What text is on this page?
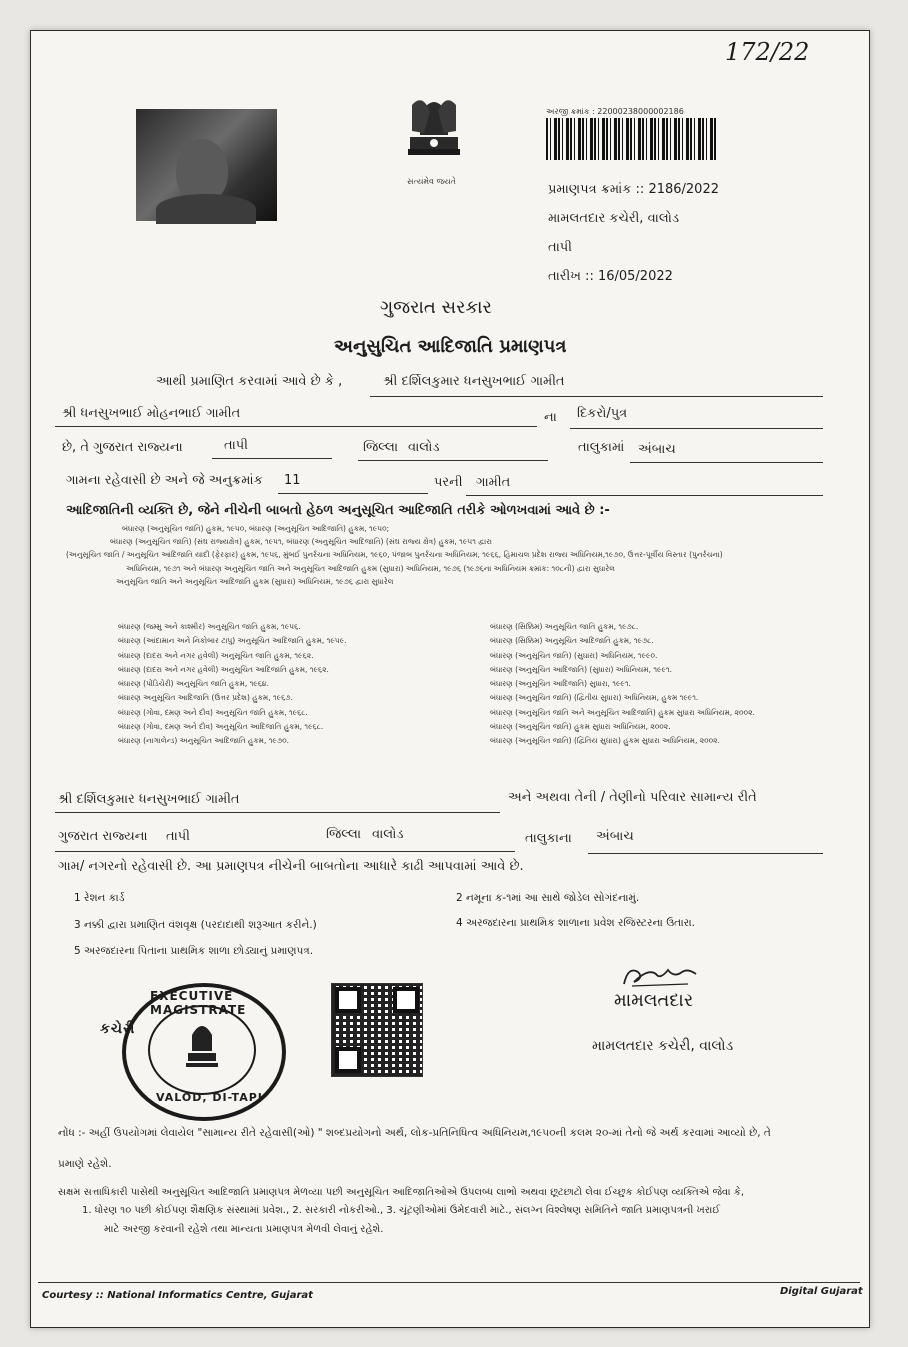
172/22
સત્યમેવ જયતે
અરજી ક્રમાંક : 22000238000002186
પ્રમાણપત્ર ક્રમાંક :: 2186/2022
મામલતદાર કચેરી, વાલોડ
તાપી
તારીખ :: 16/05/2022
ગુજરાત સરકાર
અનુસુચિત આદિજાતિ પ્રમાણપત્ર
આથી પ્રમાણિત કરવામાં આવે છે કે ,	શ્રી દર્શિલકુમાર ધનસુખભાઈ ગામીત
શ્રી ધનસુખભાઈ મોહનભાઈ ગામીત	ના દિકરો/પુત્ર
છે, તે ગુજરાત રાજ્યના	તાપી	જિલ્લા વાલોડ	તાલુકામાં અંબાચ
ગામના રહેવાસી છે અને જે અનુક્રમાંક 11	પરની ગામીત
આદિજાતિની વ્યક્તિ છે, જેને નીચેની બાબતો હેઠળ અનુસૂચિત આદિજાતિ તરીકે ઓળખવામાં આવે છે :-
બંધારણ (અનુસૂચિત જાતિ) હુકમ, ૧૯૫૦, બંધારણ (અનુસૂચિત આદિજાતિ) હુકમ, ૧૯૫૦;
બંધારણ (અનુસૂચિત જાતિ) (સંઘ રાજ્યક્ષેત્ર) હુકમ, ૧૯૫૧, બંધારણ (અનુસૂચિત આદિજાતિ) (સંઘ રાજ્ય ક્ષેત્ર) હુકમ, ૧૯૫૧ દ્વારા
(અનુસૂચિત જાતિ / અનુસૂચિત આદિજાતિ યાદી (ફેરફાર) હુકમ, ૧૯૫૬, મુંબઈ પુનર્રચના અધિનિયમ, ૧૯૬૦, પંજાબ પુનર્રચના અધિનિયમ, ૧૯૬૬, હિમાચલ પ્રદેશ રાજ્ય અધિનિયમ,૧૯૭૦, ઉત્તર-પૂર્વીય વિસ્તાર (પુનર્રચના)
અધિનિયમ, ૧૯૭૧ અને બંધારણ અનુસૂચિત જાતિ અને અનુસૂચિત આદિજાતિ હુકમ (સુધારા) અધિનિયમ, ૧૯૭૬ (૧૯૭૬ના અધિનિયમ ક્રમાંક: ૧૦૮ની) દ્વારા સુધારેલ
અનુસૂચિત જાતિ અને અનુસૂચિત આદિજાતિ હુકમ (સુધારા) અધિનિયમ, ૧૯૭૬ દ્વારા સુધારેલ
બંધારણ (જમ્મુ અને કાશ્મીર) અનુસૂચિત જાતિ હુકમ, ૧૯૫૬.
બંધારણ (આંદામાન અને નિકોબાર ટાપુ) અનુસૂચિત આદિજાતિ હુકમ, ૧૯૫૯.
બંધારણ (દાદરા અને નગર હવેલી) અનુસૂચિત જાતિ હુકમ, ૧૯૬૨.
બંધારણ (દાદરા અને નગર હવેલી) અનુસૂચિત આદિજાતિ હુકમ, ૧૯૬૨.
બંધારણ (પોંડિચેરી) અનુસૂચિત જાતિ હુકમ, ૧૯૬૪.
બંધારણ અનુસૂચિત આદિજાતિ (ઉત્તર પ્રદેશ) હુકમ, ૧૯૬૭.
બંધારણ (ગોવા, દમણ અને દીવ) અનુસૂચિત જાતિ હુકમ, ૧૯૬૮.
બંધારણ (ગોવા, દમણ અને દીવ) અનુસૂચિત આદિજાતિ હુકમ, ૧૯૬૮.
બંધારણ (નાગાલેન્ડ) અનુસૂચિત આદિજાતિ હુકમ, ૧૯૭૦.
બંધારણ (સિક્કિમ) અનુસૂચિત જાતિ હુકમ, ૧૯૭૮.
બંધારણ (સિક્કિમ) અનુસૂચિત આદિજાતિ હુકમ, ૧૯૭૮.
બંધારણ (અનુસૂચિત જાતિ) (સુધારા) અધિનિયમ, ૧૯૯૦.
બંધારણ (અનુસૂચિત આદિજાતિ) (સુધારા) અધિનિયમ, ૧૯૯૧.
બંધારણ (અનુસૂચિત આદિજાતિ) સુધારા, ૧૯૯૧.
બંધારણ (અનુસૂચિત જાતિ) (દ્વિતીય સુધારા) અધિનિયમ, હુકમ ૧૯૯૧.
બંધારણ (અનુસૂચિત જાતિ અને અનુસૂચિત આદિજાતિ) હુકમ સુધારા અધિનિયમ, ૨૦૦૨.
બંધારણ (અનુસૂચિત જાતિ) હુકમ સુધારા અધિનિયમ, ૨૦૦૨.
બંધારણ (અનુસૂચિત જાતિ) (દ્વિતિય સુધારા) હુકમ સુધારા અધિનિયમ, ૨૦૦૨.
શ્રી દર્શિલકુમાર ધનસુખભાઈ ગામીત	અને અથવા તેની / તેણીનો પરિવાર સામાન્ય રીતે
ગુજરાત રાજ્યના તાપી	જિલ્લા વાલોડ	તાલુકાના અંબાચ
ગામ/ નગરનો રહેવાસી છે. આ પ્રમાણપત્ર નીચેની બાબતોના આધારે કાઢી આપવામાં આવે છે.
1 રેશન કાર્ડ	2 નમૂના ક-૧માં આ સાથે જોડેલ સોગંદનામું.
3 નક્કી દ્વારા પ્રમાણિત વંશવૃક્ષ (પરદાદાથી શરૂઆત કરીને.)	4 અરજદારના પ્રાથમિક શાળાના પ્રવેશ રજિસ્ટરના ઉતારા.
5 અરજદારના પિતાના પ્રાથમિક શાળા છોડ્યાનું પ્રમાણપત્ર.
EXECUTIVE MAGISTRATE
VALOD, DI-TAPI
કચેરી
મામલતદાર
મામલતદાર કચેરી, વાલોડ
નોંધ :- અહીં ઉપયોગમાં લેવાયેલ "સામાન્ય રીતે રહેવાસી(ઓ) " શબ્દપ્રયોગનો અર્થ, લોક-પ્રતિનિધિત્વ અધિનિયમ,૧૯૫૦ની કલમ ૨૦-માં તેનો જે અર્થ કરવામાં આવ્યો છે, તે
પ્રમાણે રહેશે.
સક્ષમ સત્તાધિકારી પાસેથી અનુસૂચિત આદિજાતિ પ્રમાણપત્ર મેળવ્યા પછી અનુસૂચિત આદિજાતિઓએ ઉપલબ્ધ લાભો અથવા છૂટછાટો લેવા ઈચ્છુક કોઈપણ વ્યક્તિએ જેવા કે,
1. ધોરણ ૧૦ પછી કોઈપણ શૈક્ષણિક સંસ્થામાં પ્રવેશ., 2. સરકારી નોકરીઓ., 3. ચૂંટણીઓમાં ઉમેદવારી માટે., સંલગ્ન વિશ્લેષણ સમિતિને જાતિ પ્રમાણપત્રની ખરાઈ
માટે અરજી કરવાની રહેશે તથા માન્યતા પ્રમાણપત્ર મેળવી લેવાનું રહેશે.
Courtesy :: National Informatics Centre, Gujarat	Digital Gujarat
